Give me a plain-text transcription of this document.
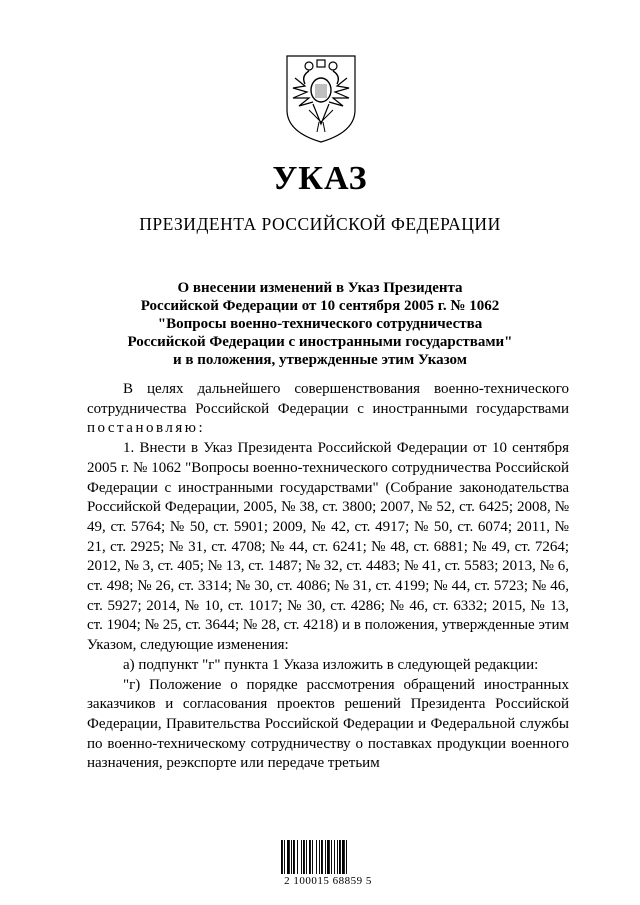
УКАЗ
ПРЕЗИДЕНТА РОССИЙСКОЙ ФЕДЕРАЦИИ
О внесении изменений в Указ Президента
Российской Федерации от 10 сентября 2005 г. № 1062
"Вопросы военно-технического сотрудничества
Российской Федерации с иностранными государствами"
и в положения, утвержденные этим Указом

В целях дальнейшего совершенствования военно-технического сотрудничества Российской Федерации с иностранными государствами постановляю:

1. Внести в Указ Президента Российской Федерации от 10 сентября 2005 г. № 1062 "Вопросы военно-технического сотрудничества Российской Федерации с иностранными государствами" (Собрание законодательства Российской Федерации, 2005, № 38, ст. 3800; 2007, № 52, ст. 6425; 2008, № 49, ст. 5764; № 50, ст. 5901; 2009, № 42, ст. 4917; № 50, ст. 6074; 2011, № 21, ст. 2925; № 31, ст. 4708; № 44, ст. 6241; № 48, ст. 6881; № 49, ст. 7264; 2012, № 3, ст. 405; № 13, ст. 1487; № 32, ст. 4483; № 41, ст. 5583; 2013, № 6, ст. 498; № 26, ст. 3314; № 30, ст. 4086; № 31, ст. 4199; № 44, ст. 5723; № 46, ст. 5927; 2014, № 10, ст. 1017; № 30, ст. 4286; № 46, ст. 6332; 2015, № 13, ст. 1904; № 25, ст. 3644; № 28, ст. 4218) и в положения, утвержденные этим Указом, следующие изменения:

а) подпункт "г" пункта 1 Указа изложить в следующей редакции:

"г) Положение о порядке рассмотрения обращений иностранных заказчиков и согласования проектов решений Президента Российской Федерации, Правительства Российской Федерации и Федеральной службы по военно-техническому сотрудничеству о поставках продукции военного назначения, реэкспорте или передаче третьим

2 100015 68859 5
